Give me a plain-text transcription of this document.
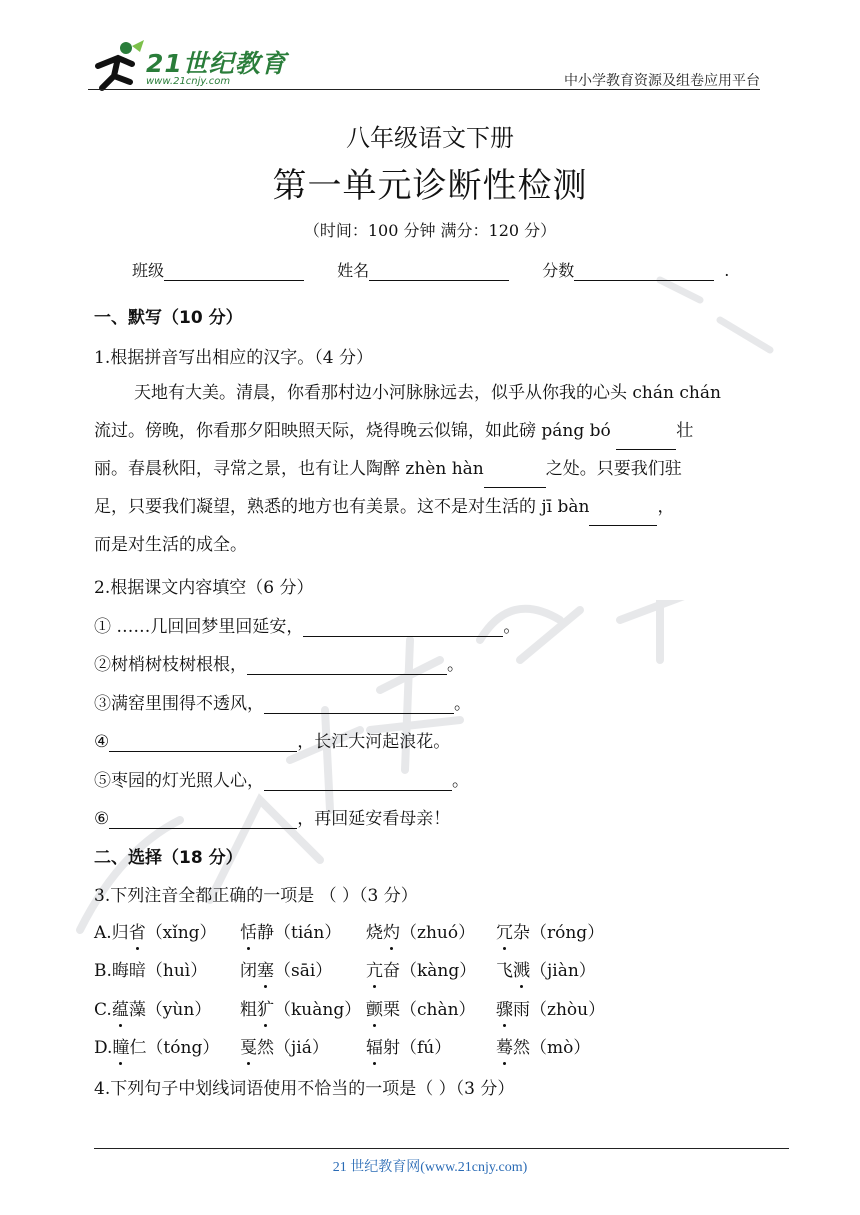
21世纪教育
www.21cnjy.com	中小学教育资源及组卷应用平台
八年级语文下册
第一单元诊断性检测
（时间：100 分钟 满分：120 分）
班级	姓名	分数	.
一、默写（10 分）
1.根据拼音写出相应的汉字。（4 分）
天地有大美。清晨，你看那村边小河脉脉远去，似乎从你我的心头 chán chán
流过。傍晚，你看那夕阳映照天际，烧得晚云似锦，如此磅 páng bó	壮
丽。春晨秋阳，寻常之景，也有让人陶醉 zhèn hàn	之处。只要我们驻
足，只要我们凝望，熟悉的地方也有美景。这不是对生活的 jī bàn	，
而是对生活的成全。
2.根据课文内容填空（6 分）
① ……几回回梦里回延安，	。
②树梢树枝树根根，	。
③满窑里围得不透风，	。
④	，长江大河起浪花。
⑤枣园的灯光照人心，	。
⑥	，再回延安看母亲！
二、选择（18 分）
3.下列注音全都正确的一项是 （ ）（3 分）
A.归省（xǐng） 恬静（tián） 烧灼（zhuó） 冗杂（róng）
B.晦暗（huì） 闭塞（sāi） 亢奋（kàng） 飞溅（jiàn）
C.蕴藻（yùn） 粗犷（kuàng） 颤栗（chàn） 骤雨（zhòu）
D.瞳仁（tóng） 戛然（jiá） 辐射（fú）	蓦然（mò）
4.下列句子中划线词语使用不恰当的一项是（ ）（3 分）
21 世纪教育网(www.21cnjy.com)
